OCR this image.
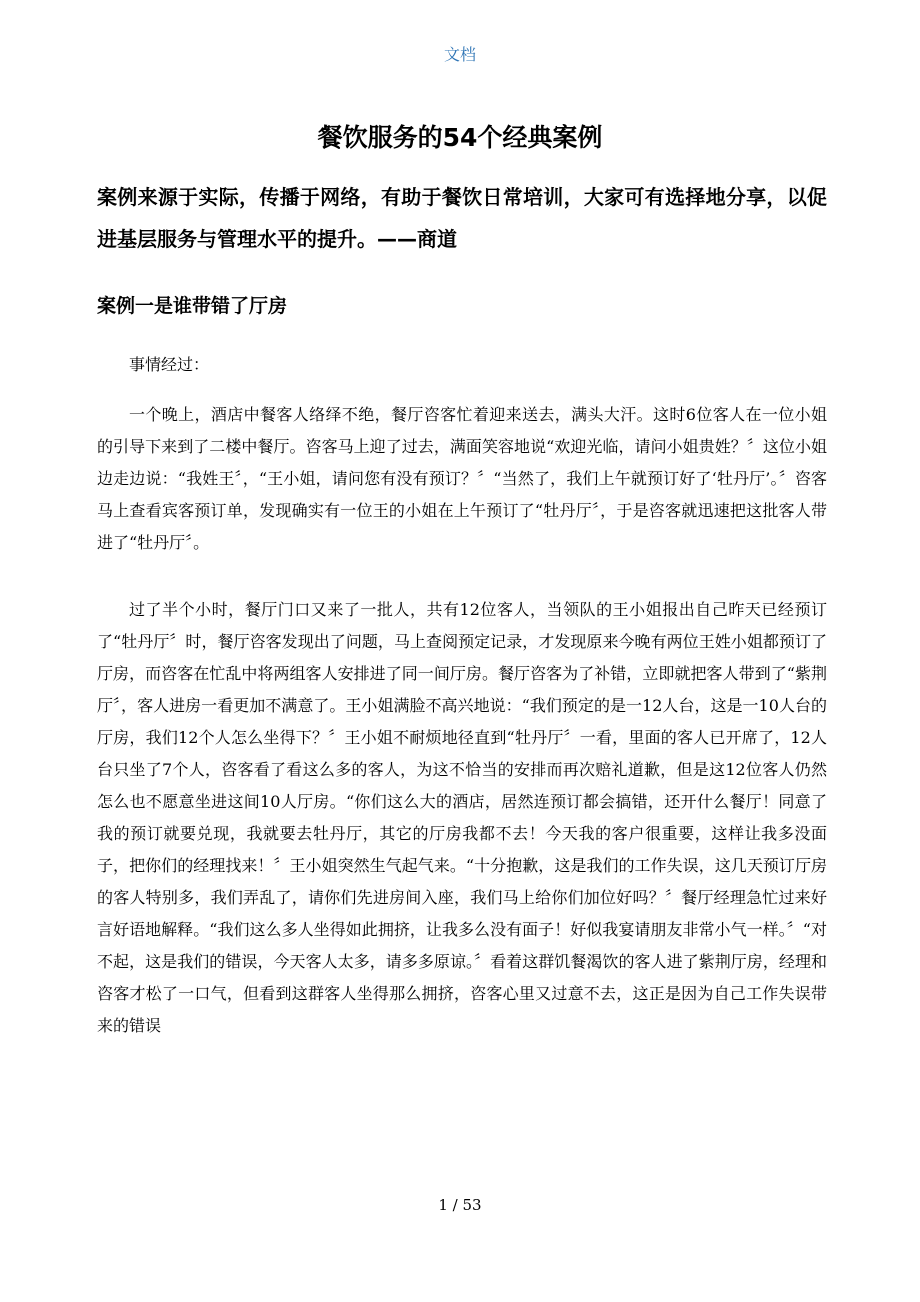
文档
餐饮服务的54个经典案例
案例来源于实际，传播于网络，有助于餐饮日常培训，大家可有选择地分享，以促进基层服务与管理水平的提升。——商道
案例一是谁带错了厅房

事情经过：

一个晚上，酒店中餐客人络绎不绝，餐厅咨客忙着迎来送去，满头大汗。这时6位客人在一位小姐的引导下来到了二楼中餐厅。咨客马上迎了过去，满面笑容地说“欢迎光临，请问小姐贵姓？〞这位小姐边走边说：“我姓王〞，“王小姐，请问您有没有预订？〞“当然了，我们上午就预订好了‘牡丹厅’。〞咨客马上查看宾客预订单，发现确实有一位王的小姐在上午预订了“牡丹厅〞，于是咨客就迅速把这批客人带进了“牡丹厅〞。

过了半个小时，餐厅门口又来了一批人，共有12位客人，当领队的王小姐报出自己昨天已经预订了“牡丹厅〞时，餐厅咨客发现出了问题，马上查阅预定记录，才发现原来今晚有两位王姓小姐都预订了厅房，而咨客在忙乱中将两组客人安排进了同一间厅房。餐厅咨客为了补错，立即就把客人带到了“紫荆厅〞，客人进房一看更加不满意了。王小姐满脸不高兴地说：“我们预定的是一12人台，这是一10人台的厅房，我们12个人怎么坐得下？〞王小姐不耐烦地径直到“牡丹厅〞一看，里面的客人已开席了，12人台只坐了7个人，咨客看了看这么多的客人，为这不恰当的安排而再次赔礼道歉，但是这12位客人仍然怎么也不愿意坐进这间10人厅房。“你们这么大的酒店，居然连预订都会搞错，还开什么餐厅！同意了我的预订就要兑现，我就要去牡丹厅，其它的厅房我都不去！今天我的客户很重要，这样让我多没面子，把你们的经理找来！〞王小姐突然生气起气来。“十分抱歉，这是我们的工作失误，这几天预订厅房的客人特别多，我们弄乱了，请你们先进房间入座，我们马上给你们加位好吗？〞餐厅经理急忙过来好言好语地解释。“我们这么多人坐得如此拥挤，让我多么没有面子！好似我宴请朋友非常小气一样。〞“对不起，这是我们的错误，今天客人太多，请多多原谅。〞看着这群饥餐渴饮的客人进了紫荆厅房，经理和咨客才松了一口气，但看到这群客人坐得那么拥挤，咨客心里又过意不去，这正是因为自己工作失误带来的错误

1 / 53
